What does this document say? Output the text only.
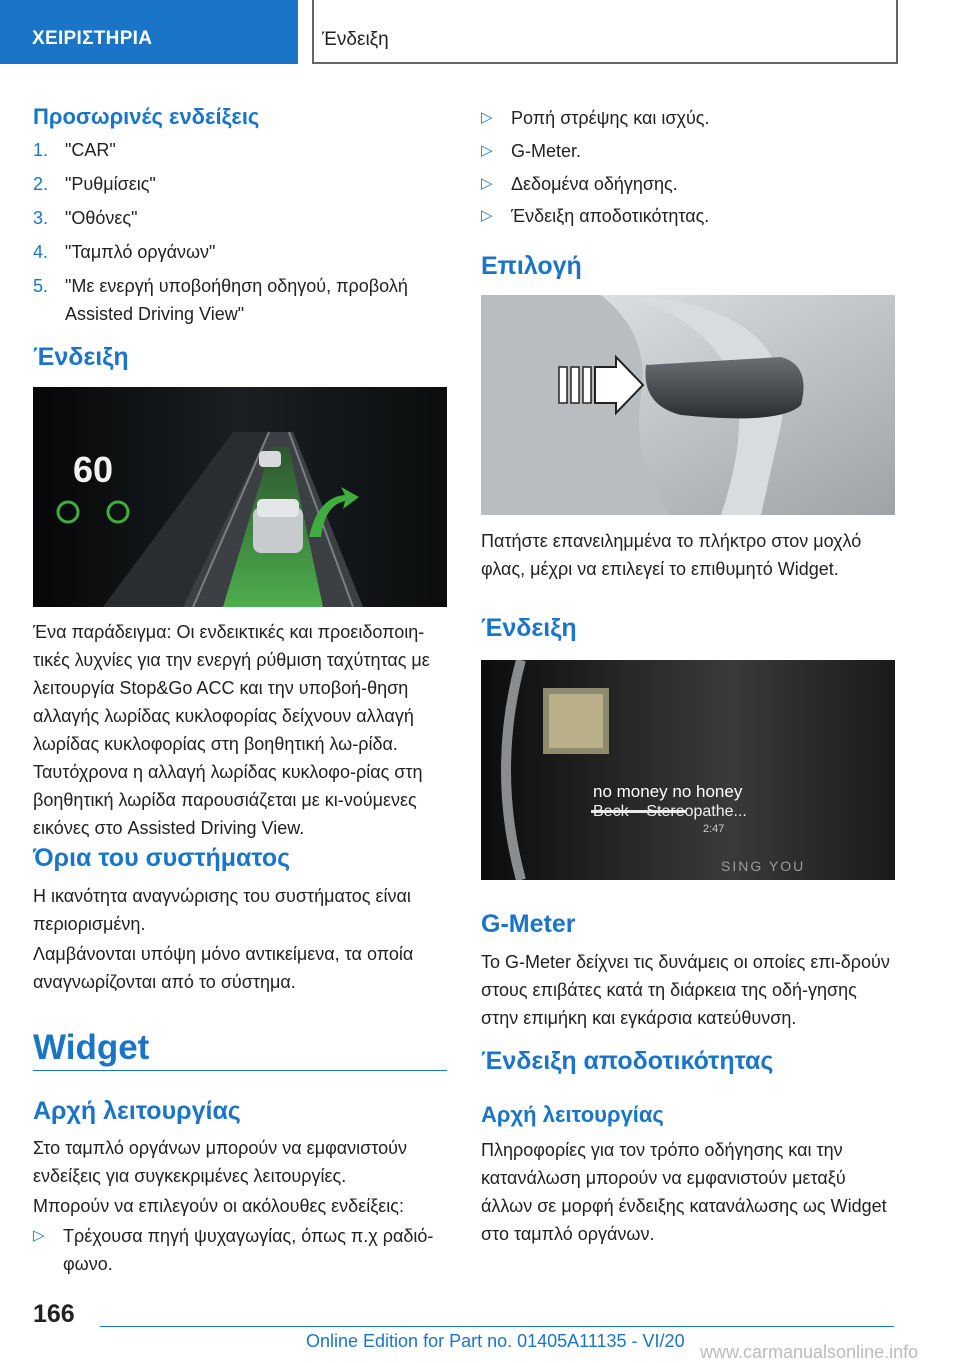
ΧΕΙΡΙΣΤΗΡΙΑ	Ένδειξη
Προσωρινές ενδείξεις
1. "CAR"
2. "Ρυθμίσεις"
3. "Οθόνες"
4. "Ταμπλό οργάνων"
5. "Με ενεργή υποβοήθηση οδηγού, προβολή Assisted Driving View"
Ένδειξη
60
Ένα παράδειγμα: Οι ενδεικτικές και προειδοποιη-τικές λυχνίες για την ενεργή ρύθμιση ταχύτητας με λειτουργία Stop&Go ACC και την υποβοή-θηση αλλαγής λωρίδας κυκλοφορίας δείχνουν αλλαγή λωρίδας κυκλοφορίας στη βοηθητική λω-ρίδα. Ταυτόχρονα η αλλαγή λωρίδας κυκλοφο-ρίας στη βοηθητική λωρίδα παρουσιάζεται με κι-νούμενες εικόνες στο Assisted Driving View.
Όρια του συστήματος
Η ικανότητα αναγνώρισης του συστήματος είναι περιορισμένη.
Λαμβάνονται υπόψη μόνο αντικείμενα, τα οποία αναγνωρίζονται από το σύστημα.
Widget
Αρχή λειτουργίας
Στο ταμπλό οργάνων μπορούν να εμφανιστούν ενδείξεις για συγκεκριμένες λειτουργίες.
Μπορούν να επιλεγούν οι ακόλουθες ενδείξεις:
▷ Τρέχουσα πηγή ψυχαγωγίας, όπως π.χ ραδιό-φωνο.
▷ Ροπή στρέψης και ισχύς.
▷ G-Meter.
▷ Δεδομένα οδήγησης.
▷ Ένδειξη αποδοτικότητας.
Επιλογή
Πατήστε επανειλημμένα το πλήκτρο στον μοχλό φλας, μέχρι να επιλεγεί το επιθυμητό Widget.
Ένδειξη
no money no honey
Beck – Stereopathe...
2:47
SING YOU
G-Meter
Το G-Meter δείχνει τις δυνάμεις οι οποίες επι-δρούν στους επιβάτες κατά τη διάρκεια της οδή-γησης στην επιμήκη και εγκάρσια κατεύθυνση.
Ένδειξη αποδοτικότητας
Αρχή λειτουργίας
Πληροφορίες για τον τρόπο οδήγησης και την κατανάλωση μπορούν να εμφανιστούν μεταξύ άλλων σε μορφή ένδειξης κατανάλωσης ως Widget στο ταμπλό οργάνων.
166
Online Edition for Part no. 01405A11135 - VI/20
www.carmanualsonline.info
